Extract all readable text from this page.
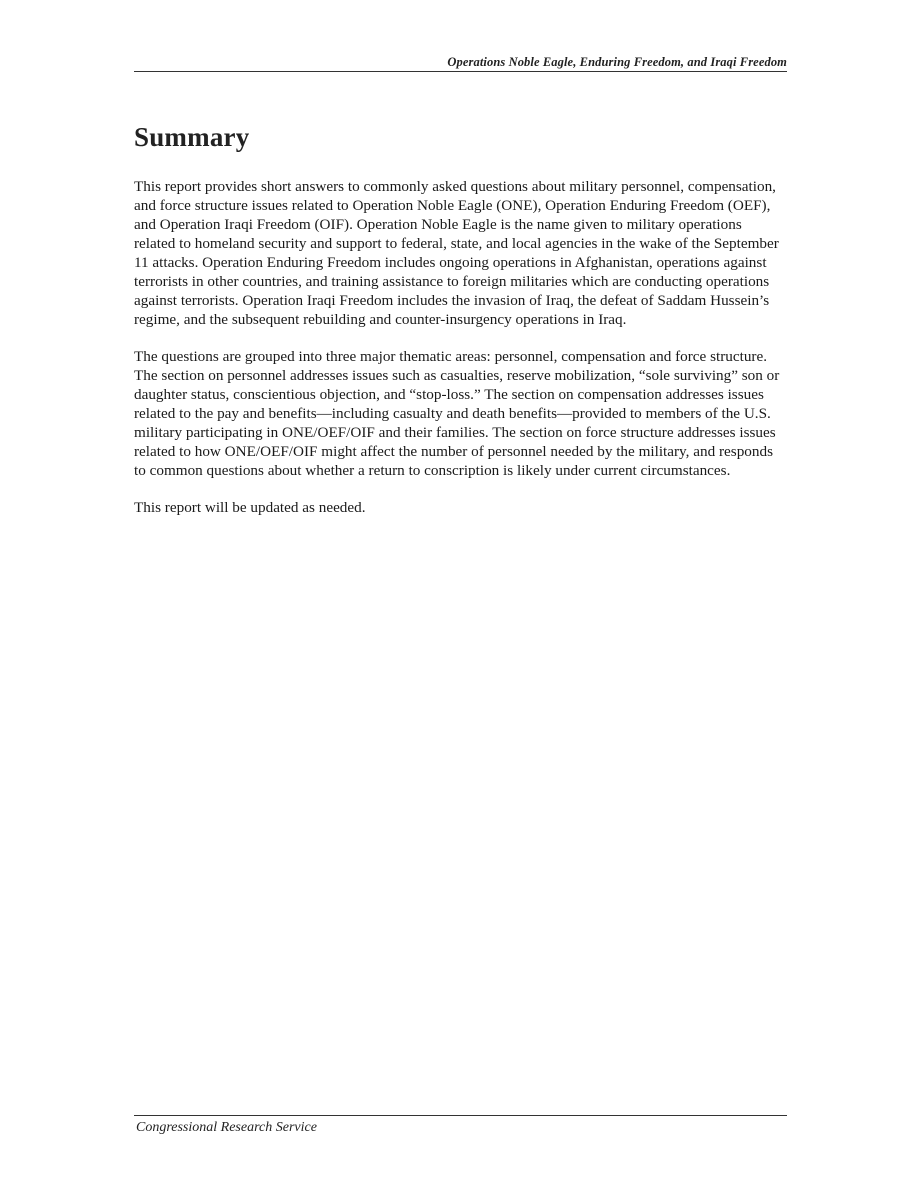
Operations Noble Eagle, Enduring Freedom, and Iraqi Freedom
Summary

This report provides short answers to commonly asked questions about military personnel, compensation, and force structure issues related to Operation Noble Eagle (ONE), Operation Enduring Freedom (OEF), and Operation Iraqi Freedom (OIF). Operation Noble Eagle is the name given to military operations related to homeland security and support to federal, state, and local agencies in the wake of the September 11 attacks. Operation Enduring Freedom includes ongoing operations in Afghanistan, operations against terrorists in other countries, and training assistance to foreign militaries which are conducting operations against terrorists. Operation Iraqi Freedom includes the invasion of Iraq, the defeat of Saddam Hussein’s regime, and the subsequent rebuilding and counter-insurgency operations in Iraq.

The questions are grouped into three major thematic areas: personnel, compensation and force structure. The section on personnel addresses issues such as casualties, reserve mobilization, “sole surviving” son or daughter status, conscientious objection, and “stop-loss.” The section on compensation addresses issues related to the pay and benefits—including casualty and death benefits—provided to members of the U.S. military participating in ONE/OEF/OIF and their families. The section on force structure addresses issues related to how ONE/OEF/OIF might affect the number of personnel needed by the military, and responds to common questions about whether a return to conscription is likely under current circumstances.

This report will be updated as needed.

Congressional Research Service
